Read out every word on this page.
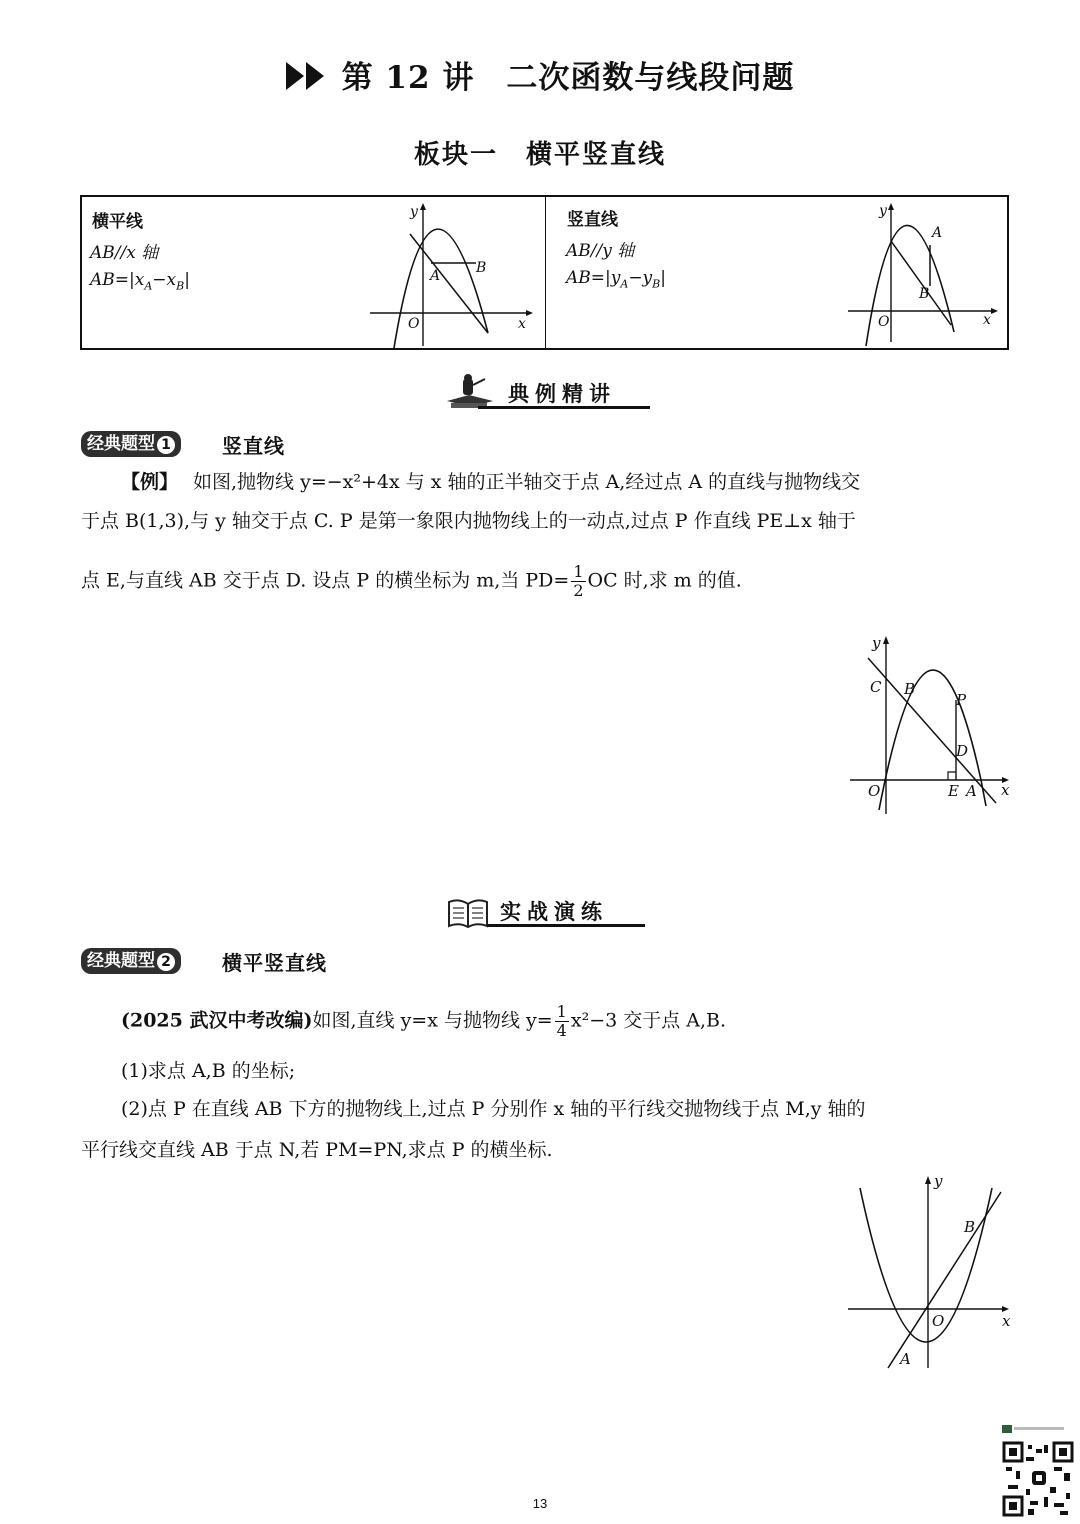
第 12 讲　二次函数与线段问题
板块一　横平竖直线
横平线
AB//x 轴
$AB=|x_A-x_B|$
竖直线
AB//y 轴
$AB=|y_A-y_B|$
y
x
O
A	B
y
x
O
A
B
典例精讲
经典题型 1	竖直线
【例】 如图,抛物线 y=−x²+4x 与 x 轴的正半轴交于点 A,经过点 A 的直线与抛物线交
于点 B(1,3),与 y 轴交于点 C. P 是第一象限内抛物线上的一动点,过点 P 作直线 PE⊥x 轴于
点 E,与直线 AB 交于点 D. 设点 P 的横坐标为 m,当 $PD= \frac{1}{2}$ OC 时,求 m 的值.
y
x
O
C B
P
D
E A
实战演练
经典题型 2	横平竖直线
(2025 武汉中考改编)如图,直线 y=x 与抛物线 $y= \frac{1}{4} x^2-3$ 交于点 A,B.
(1)求点 A,B 的坐标;
(2)点 P 在直线 AB 下方的抛物线上,过点 P 分别作 x 轴的平行线交抛物线于点 M,y 轴的
平行线交直线 AB 于点 N,若 PM=PN,求点 P 的横坐标.
y
x
O
A
B
13
